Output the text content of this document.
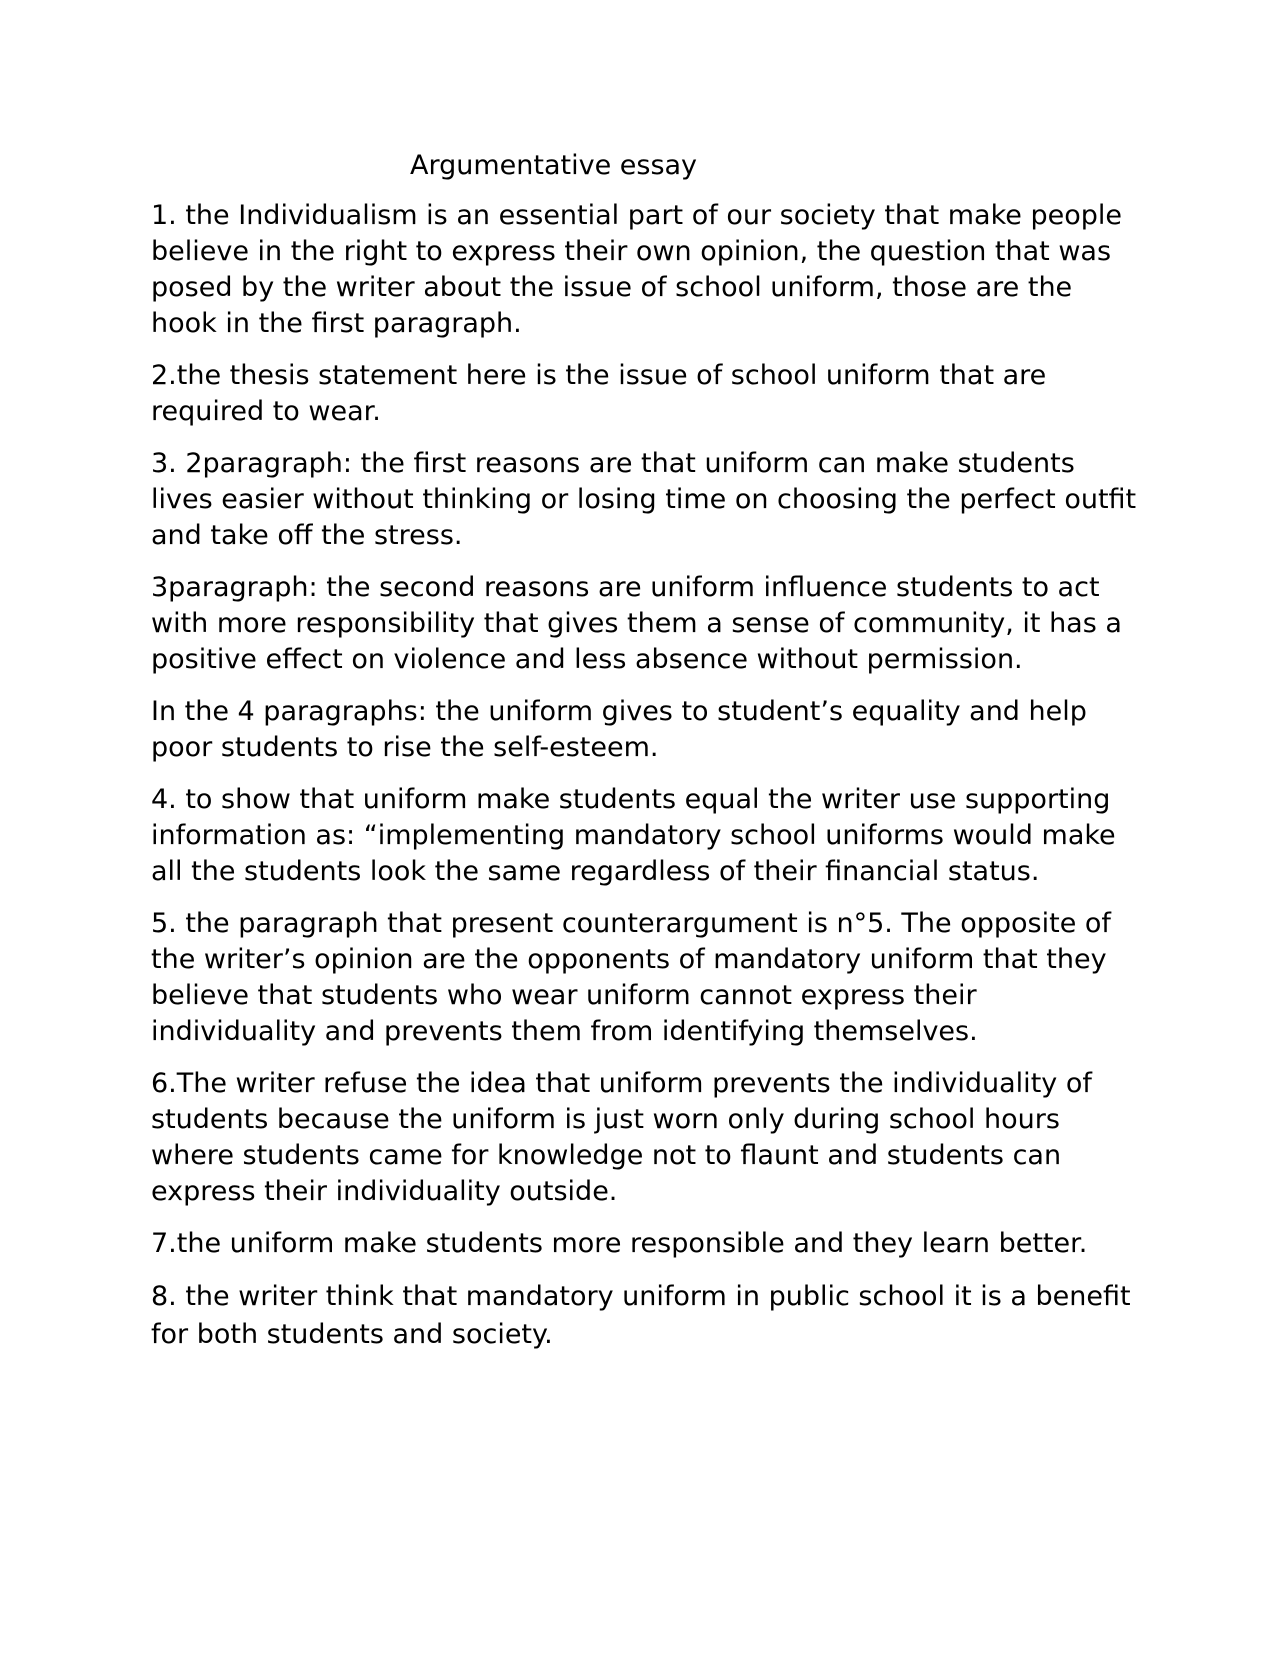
Argumentative essay

1. the Individualism is an essential part of our society that make people believe in the right to express their own opinion, the question that was posed by the writer about the issue of school uniform, those are the hook in the first paragraph.

2.the thesis statement here is the issue of school uniform that are required to wear.

3. 2paragraph: the first reasons are that uniform can make students lives easier without thinking or losing time on choosing the perfect outfit and take off the stress.

3paragraph: the second reasons are uniform influence students to act with more responsibility that gives them a sense of community, it has a positive effect on violence and less absence without permission.

In the 4 paragraphs: the uniform gives to student’s equality and help poor students to rise the self-esteem.

4. to show that uniform make students equal the writer use supporting information as: “implementing mandatory school uniforms would make all the students look the same regardless of their financial status.

5. the paragraph that present counterargument is n°5. The opposite of the writer’s opinion are the opponents of mandatory uniform that they believe that students who wear uniform cannot express their individuality and prevents them from identifying themselves.

6.The writer refuse the idea that uniform prevents the individuality of students because the uniform is just worn only during school hours where students came for knowledge not to flaunt and students can express their individuality outside.

7.the uniform make students more responsible and they learn better.

8. the writer think that mandatory uniform in public school it is a benefit for both students and society.
